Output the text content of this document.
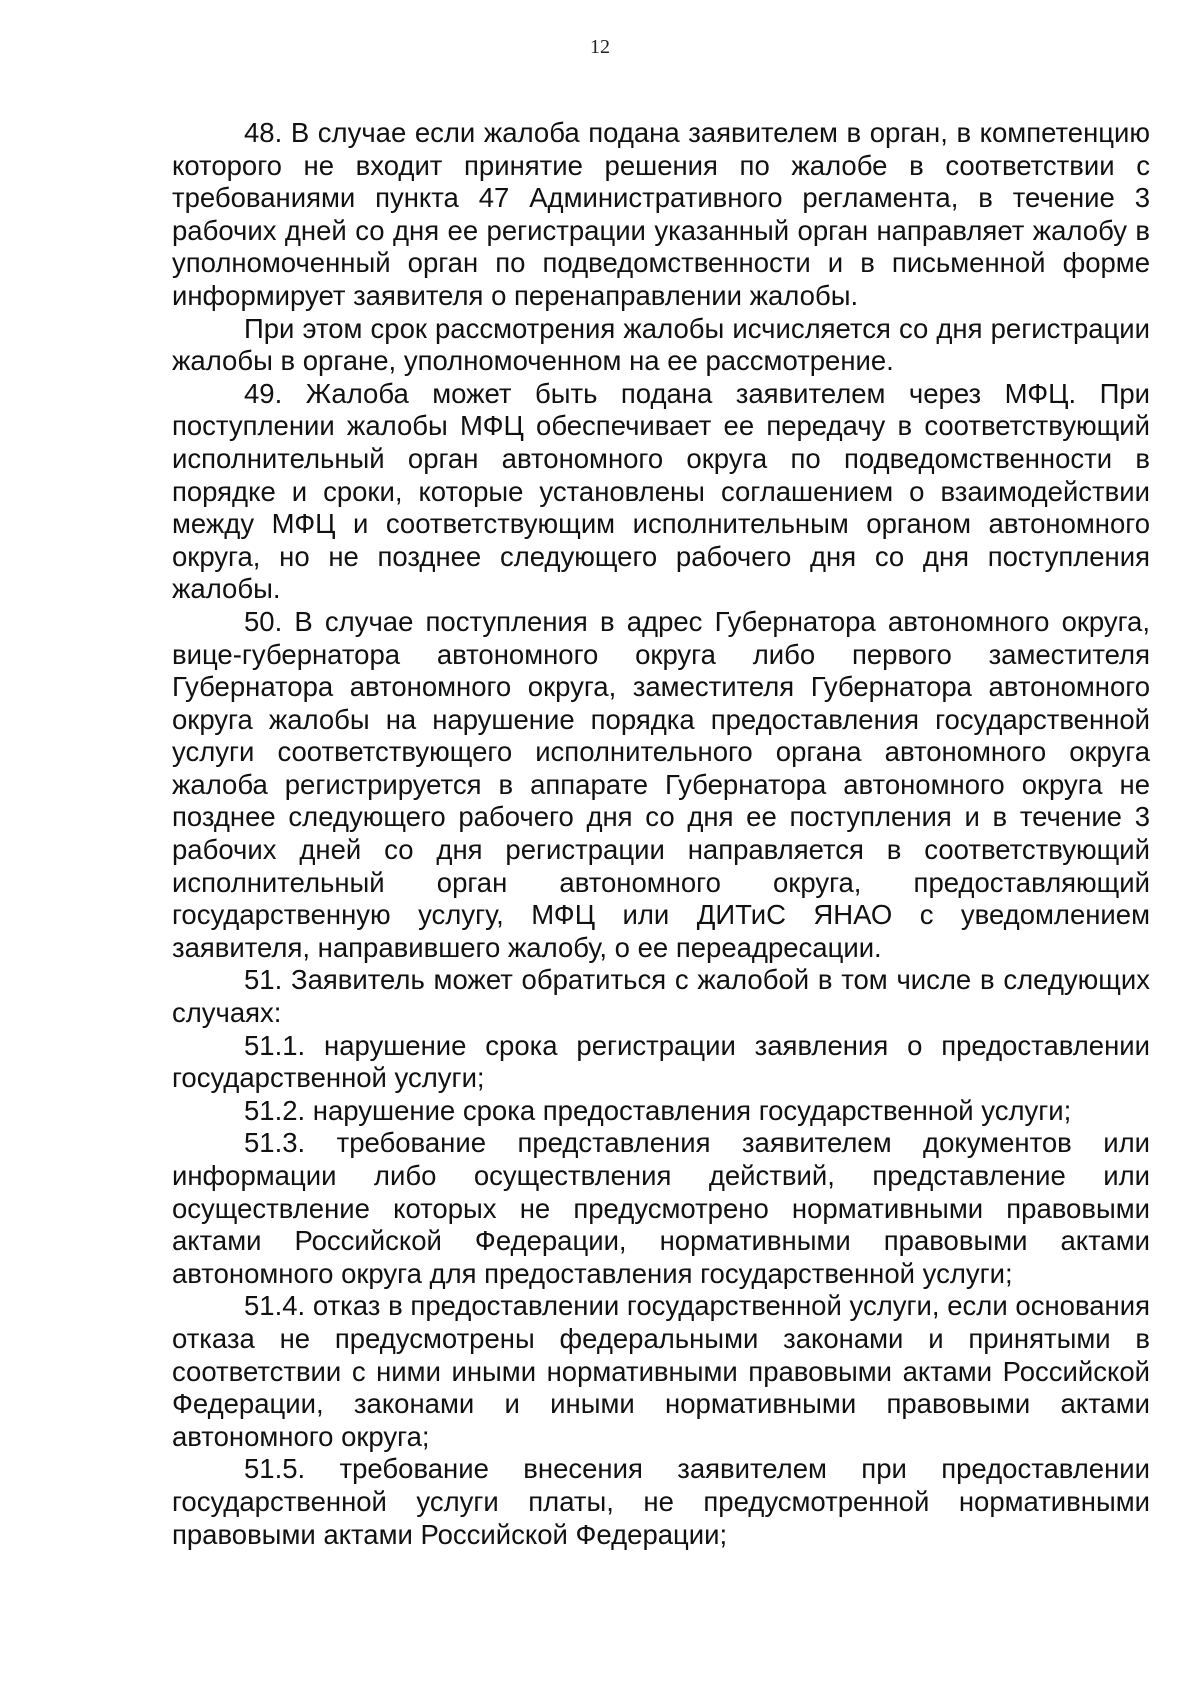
12

48. В случае если жалоба подана заявителем в орган, в компетенцию которого не входит принятие решения по жалобе в соответствии с требованиями пункта 47 Административного регламента, в течение 3 рабочих дней со дня ее регистрации указанный орган направляет жалобу в уполномоченный орган по подведомственности и в письменной форме информирует заявителя о перенаправлении жалобы.

При этом срок рассмотрения жалобы исчисляется со дня регистрации жалобы в органе, уполномоченном на ее рассмотрение.

49. Жалоба может быть подана заявителем через МФЦ. При поступлении жалобы МФЦ обеспечивает ее передачу в соответствующий исполнительный орган автономного округа по подведомственности в порядке и сроки, которые установлены соглашением о взаимодействии между МФЦ и соответствующим исполнительным органом автономного округа, но не позднее следующего рабочего дня со дня поступления жалобы.

50. В случае поступления в адрес Губернатора автономного округа, вице-губернатора автономного округа либо первого заместителя Губернатора автономного округа, заместителя Губернатора автономного округа жалобы на нарушение порядка предоставления государственной услуги соответствующего исполнительного органа автономного округа жалоба регистрируется в аппарате Губернатора автономного округа не позднее следующего рабочего дня со дня ее поступления и в течение 3 рабочих дней со дня регистрации направляется в соответствующий исполнительный орган автономного округа, предоставляющий государственную услугу, МФЦ или ДИТиС ЯНАО с уведомлением заявителя, направившего жалобу, о ее переадресации.

51. Заявитель может обратиться с жалобой в том числе в следующих случаях:

51.1. нарушение срока регистрации заявления о предоставлении государственной услуги;

51.2. нарушение срока предоставления государственной услуги;

51.3. требование представления заявителем документов или информации либо осуществления действий, представление или осуществление которых не предусмотрено нормативными правовыми актами Российской Федерации, нормативными правовыми актами автономного округа для предоставления государственной услуги;

51.4. отказ в предоставлении государственной услуги, если основания отказа не предусмотрены федеральными законами и принятыми в соответствии с ними иными нормативными правовыми актами Российской Федерации, законами и иными нормативными правовыми актами автономного округа;

51.5. требование внесения заявителем при предоставлении государственной услуги платы, не предусмотренной нормативными правовыми актами Российской Федерации;
